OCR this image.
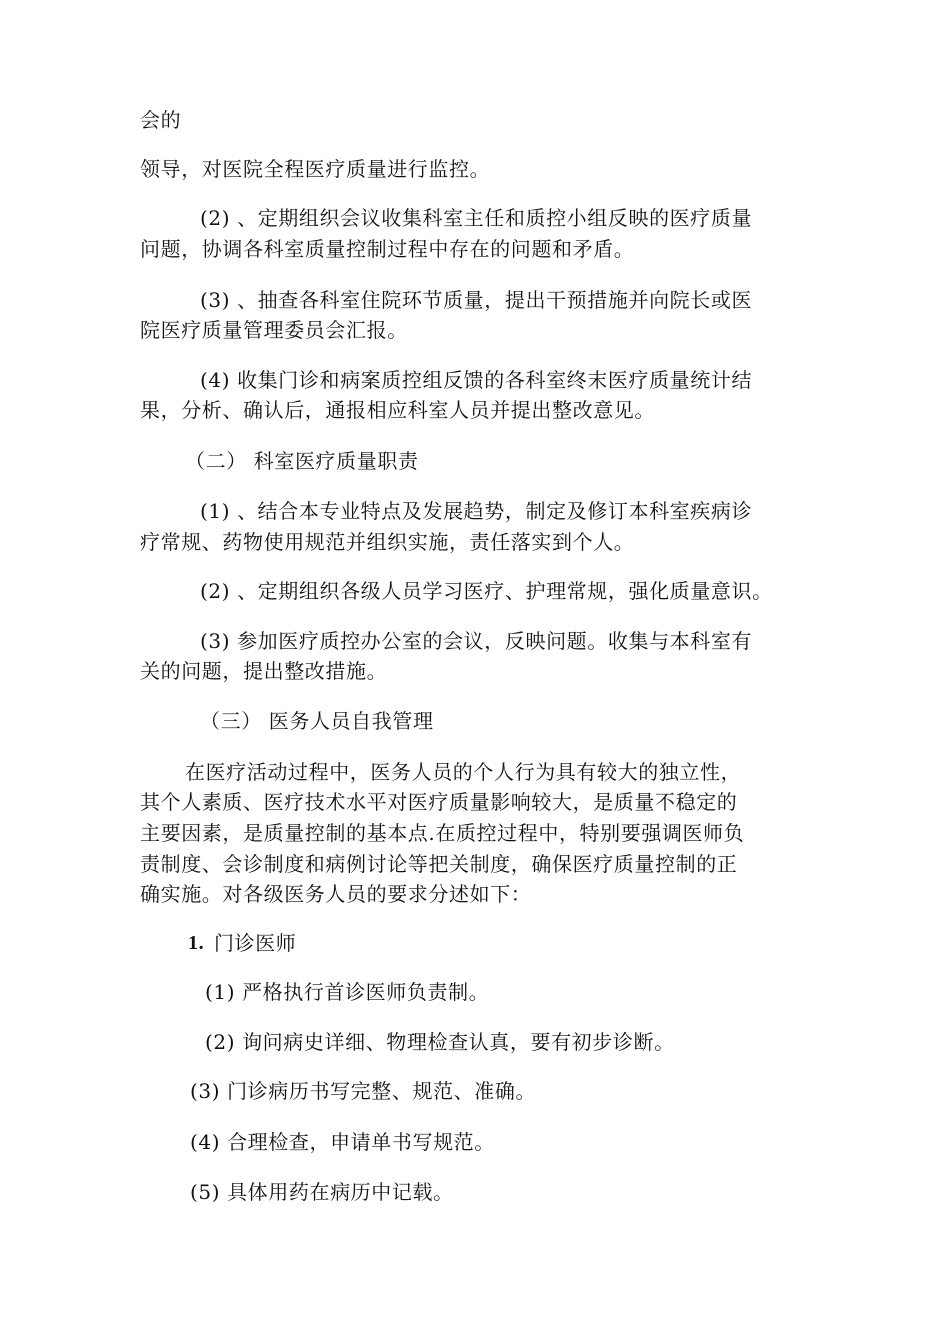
会的
领导，对医院全程医疗质量进行监控。
(2) 、定期组织会议收集科室主任和质控小组反映的医疗质量
问题，协调各科室质量控制过程中存在的问题和矛盾。
(3) 、抽查各科室住院环节质量，提出干预措施并向院长或医
院医疗质量管理委员会汇报。
(4) 收集门诊和病案质控组反馈的各科室终末医疗质量统计结
果，分析、确认后，通报相应科室人员并提出整改意见。
（二） 科室医疗质量职责
(1) 、结合本专业特点及发展趋势，制定及修订本科室疾病诊
疗常规、药物使用规范并组织实施，责任落实到个人。
(2) 、定期组织各级人员学习医疗、护理常规，强化质量意识。
(3) 参加医疗质控办公室的会议，反映问题。收集与本科室有
关的问题，提出整改措施。
（三） 医务人员自我管理
在医疗活动过程中，医务人员的个人行为具有较大的独立性，
其个人素质、医疗技术水平对医疗质量影响较大，是质量不稳定的
主要因素，是质量控制的基本点.在质控过程中，特别要强调医师负
责制度、会诊制度和病例讨论等把关制度，确保医疗质量控制的正
确实施。对各级医务人员的要求分述如下：
1. 门诊医师
(1) 严格执行首诊医师负责制。
(2) 询问病史详细、物理检查认真，要有初步诊断。
(3) 门诊病历书写完整、规范、准确。
(4) 合理检查，申请单书写规范。
(5) 具体用药在病历中记载。
